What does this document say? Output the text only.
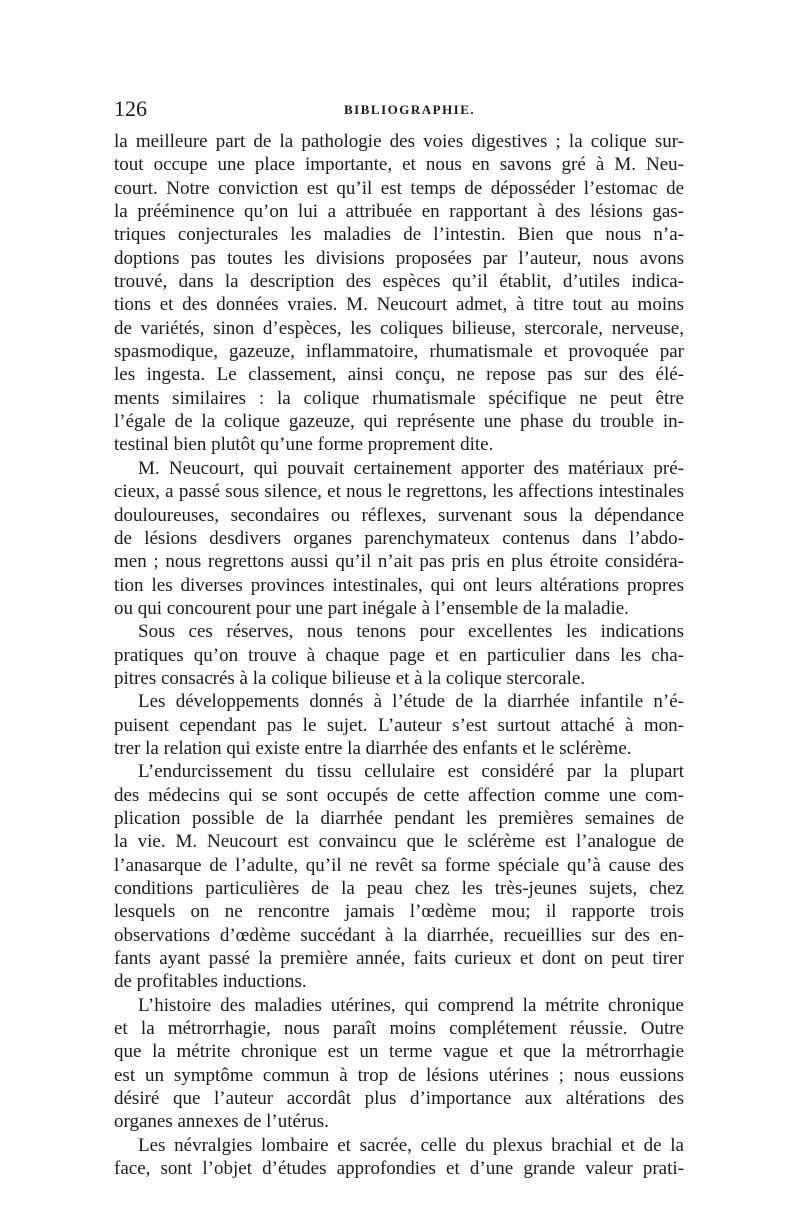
126	BIBLIOGRAPHIE.
la meilleure part de la pathologie des voies digestives ; la colique sur-
tout occupe une place importante, et nous en savons gré à M. Neu-
court. Notre conviction est qu’il est temps de déposséder l’estomac de
la prééminence qu’on lui a attribuée en rapportant à des lésions gas-
triques conjecturales les maladies de l’intestin. Bien que nous n’a-
doptions pas toutes les divisions proposées par l’auteur, nous avons
trouvé, dans la description des espèces qu’il établit, d’utiles indica-
tions et des données vraies. M. Neucourt admet, à titre tout au moins
de variétés, sinon d’espèces, les coliques bilieuse, stercorale, nerveuse,
spasmodique, gazeuze, inflammatoire, rhumatismale et provoquée par
les ingesta. Le classement, ainsi conçu, ne repose pas sur des élé-
ments similaires : la colique rhumatismale spécifique ne peut être
l’égale de la colique gazeuze, qui représente une phase du trouble in-
testinal bien plutôt qu’une forme proprement dite.
M. Neucourt, qui pouvait certainement apporter des matériaux pré-
cieux, a passé sous silence, et nous le regrettons, les affections intestinales
douloureuses, secondaires ou réflexes, survenant sous la dépendance
de lésions desdivers organes parenchymateux contenus dans l’abdo-
men ; nous regrettons aussi qu’il n’ait pas pris en plus étroite considéra-
tion les diverses provinces intestinales, qui ont leurs altérations propres
ou qui concourent pour une part inégale à l’ensemble de la maladie.
Sous ces réserves, nous tenons pour excellentes les indications
pratiques qu’on trouve à chaque page et en particulier dans les cha-
pitres consacrés à la colique bilieuse et à la colique stercorale.
Les développements donnés à l’étude de la diarrhée infantile n’é-
puisent cependant pas le sujet. L’auteur s’est surtout attaché à mon-
trer la relation qui existe entre la diarrhée des enfants et le sclérème.
L’endurcissement du tissu cellulaire est considéré par la plupart
des médecins qui se sont occupés de cette affection comme une com-
plication possible de la diarrhée pendant les premières semaines de
la vie. M. Neucourt est convaincu que le sclérème est l’analogue de
l’anasarque de l’adulte, qu’il ne revêt sa forme spéciale qu’à cause des
conditions particulières de la peau chez les très-jeunes sujets, chez
lesquels on ne rencontre jamais l’œdème mou; il rapporte trois
observations d’œdème succédant à la diarrhée, recueillies sur des en-
fants ayant passé la première année, faits curieux et dont on peut tirer
de profitables inductions.
L’histoire des maladies utérines, qui comprend la métrite chronique
et la métrorrhagie, nous paraît moins complétement réussie. Outre
que la métrite chronique est un terme vague et que la métrorrhagie
est un symptôme commun à trop de lésions utérines ; nous eussions
désiré que l’auteur accordât plus d’importance aux altérations des
organes annexes de l’utérus.
Les névralgies lombaire et sacrée, celle du plexus brachial et de la
face, sont l’objet d’études approfondies et d’une grande valeur prati-
